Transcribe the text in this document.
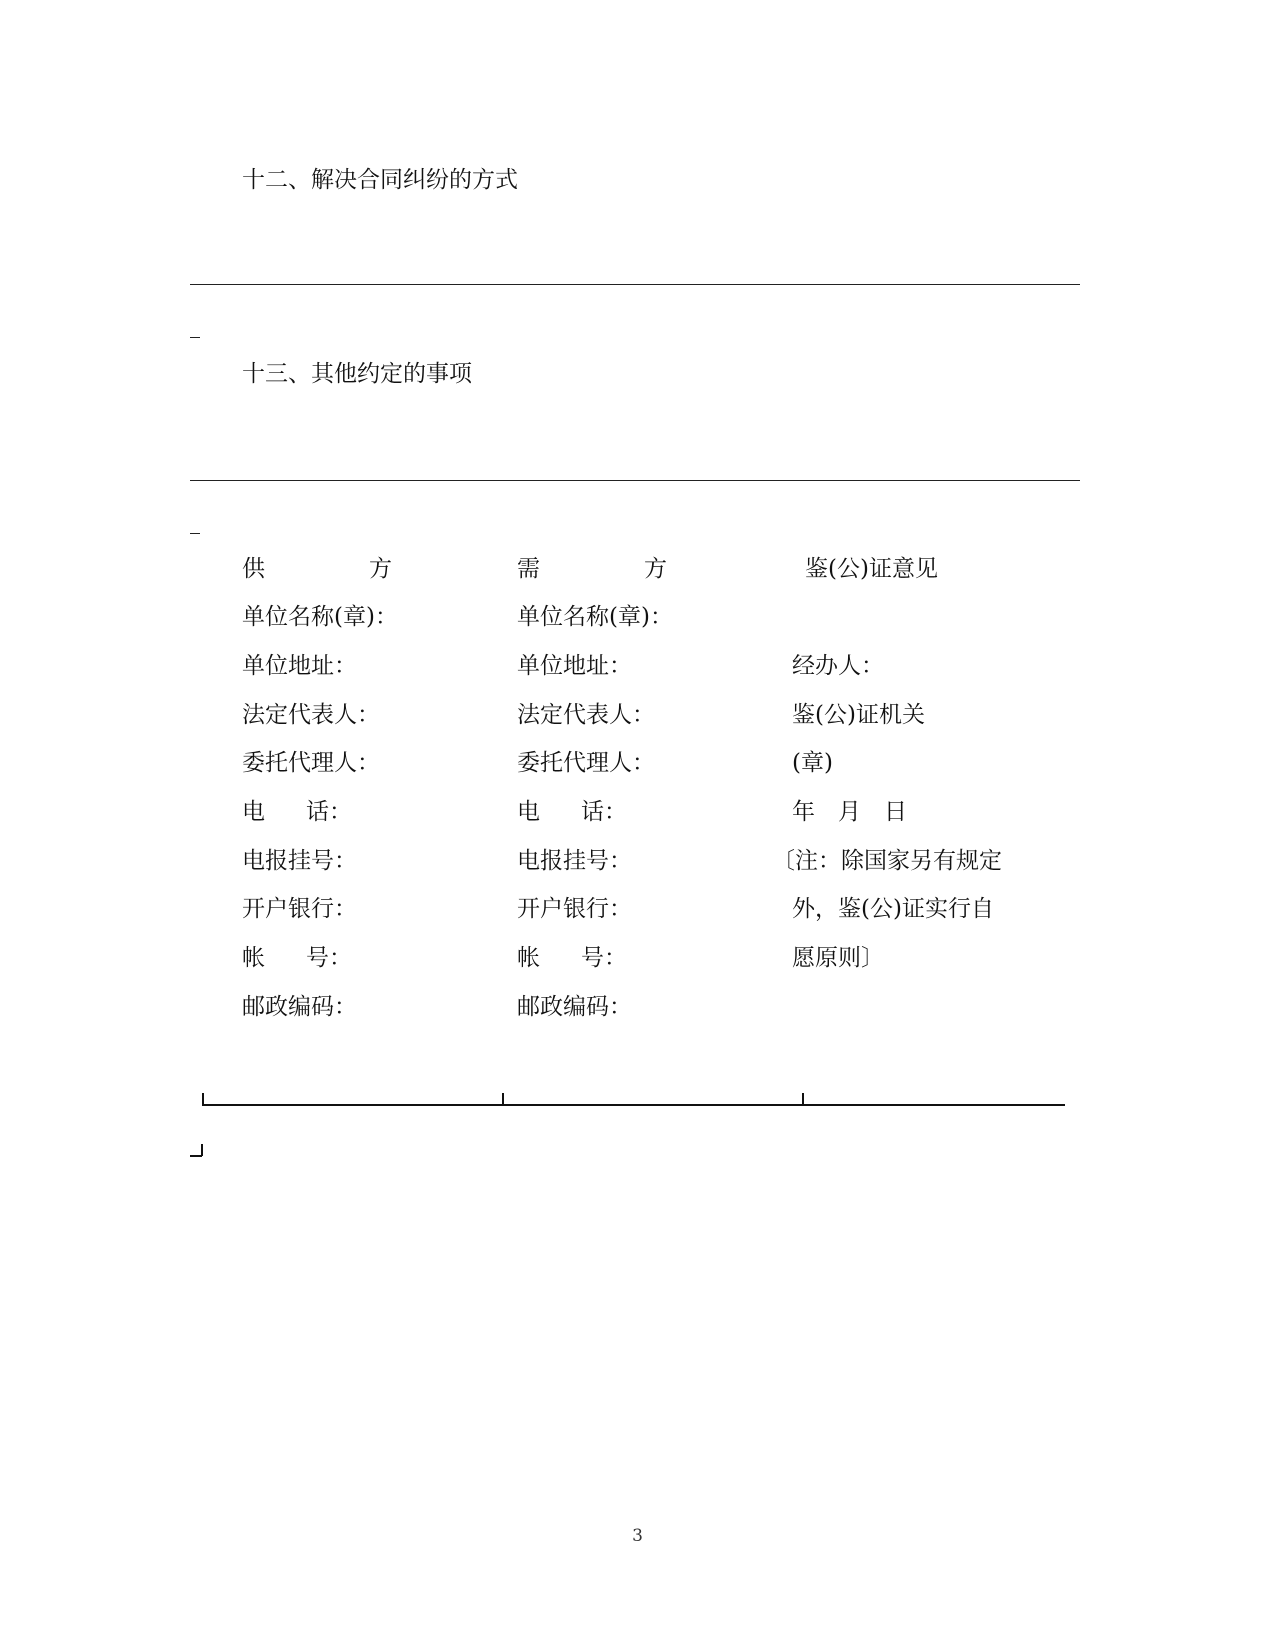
十二、解决合同纠纷的方式
十三、其他约定的事项
供	方
单位名称(章)：
单位地址：
法定代表人：
委托代理人：
电 话：
电报挂号：
开户银行：
帐 号：
邮政编码：
需	方
单位名称(章)：
单位地址：
法定代表人：
委托代理人：
电 话：
电报挂号：
开户银行：
帐 号：
邮政编码：
鉴(公)证意见
经办人：
鉴(公)证机关
(章)
年　月　日
〔注：除国家另有规定
外，鉴(公)证实行自
愿原则〕
3
